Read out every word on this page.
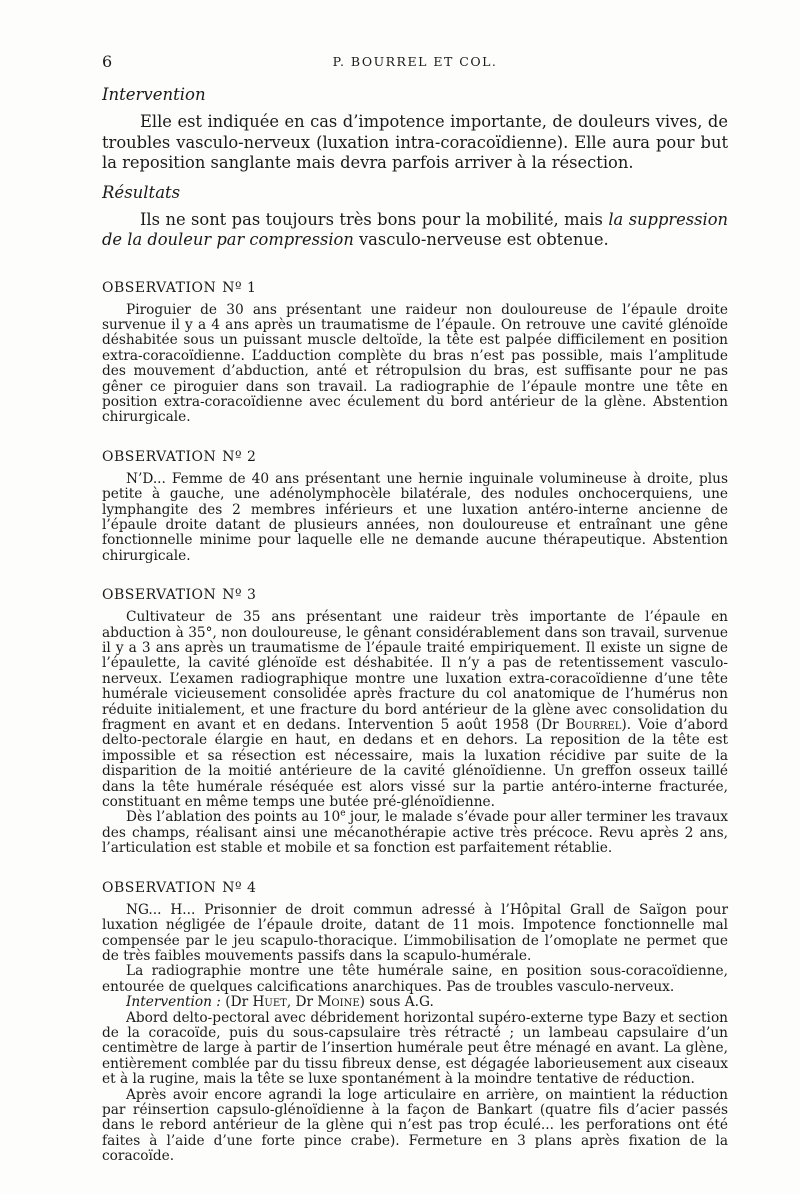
6	P. BOURREL ET COL.
Intervention

Elle est indiquée en cas d’impotence importante, de douleurs vives, de troubles vasculo-nerveux (luxation intra-coracoïdienne). Elle aura pour but la reposition sanglante mais devra parfois arriver à la résection.

Résultats

Ils ne sont pas toujours très bons pour la mobilité, mais la suppression de la douleur par compression vasculo-nerveuse est obtenue.

OBSERVATION Nº 1

Piroguier de 30 ans présentant une raideur non douloureuse de l’épaule droite survenue il y a 4 ans après un traumatisme de l’épaule. On retrouve une cavité glénoïde déshabitée sous un puissant muscle deltoïde, la tête est palpée difficilement en position extra-coracoïdienne. L’adduction complète du bras n’est pas possible, mais l’amplitude des mouvement d’abduction, anté et rétropulsion du bras, est suffisante pour ne pas gêner ce piroguier dans son travail. La radiographie de l’épaule montre une tête en position extra-coracoïdienne avec éculement du bord antérieur de la glène. Abstention chirurgicale.

OBSERVATION Nº 2

N’D... Femme de 40 ans présentant une hernie inguinale volumineuse à droite, plus petite à gauche, une adénolymphocèle bilatérale, des nodules onchocerquiens, une lymphangite des 2 membres inférieurs et une luxation antéro-interne ancienne de l’épaule droite datant de plusieurs années, non douloureuse et entraînant une gêne fonctionnelle minime pour laquelle elle ne demande aucune thérapeutique. Abstention chirurgicale.

OBSERVATION Nº 3

Cultivateur de 35 ans présentant une raideur très importante de l’épaule en abduction à 35°, non douloureuse, le gênant considérablement dans son travail, survenue il y a 3 ans après un traumatisme de l’épaule traité empiriquement. Il existe un signe de l’épaulette, la cavité glénoïde est déshabitée. Il n’y a pas de retentissement vasculo-nerveux. L’examen radiographique montre une luxation extra-coracoïdienne d’une tête humérale vicieusement consolidée après fracture du col anatomique de l’humérus non réduite initialement, et une fracture du bord antérieur de la glène avec consolidation du fragment en avant et en dedans. Intervention 5 août 1958 (Dr Bourrel). Voie d’abord delto-pectorale élargie en haut, en dedans et en dehors. La reposition de la tête est impossible et sa résection est nécessaire, mais la luxation récidive par suite de la disparition de la moitié antérieure de la cavité glénoïdienne. Un greffon osseux taillé dans la tête humérale réséquée est alors vissé sur la partie antéro-interne fracturée, constituant en même temps une butée pré-glénoïdienne.

Dès l’ablation des points au 10e jour, le malade s’évade pour aller terminer les travaux des champs, réalisant ainsi une mécanothérapie active très précoce. Revu après 2 ans, l’articulation est stable et mobile et sa fonction est parfaitement rétablie.

OBSERVATION Nº 4

NG... H... Prisonnier de droit commun adressé à l’Hôpital Grall de Saïgon pour luxation négligée de l’épaule droite, datant de 11 mois. Impotence fonctionnelle mal compensée par le jeu scapulo-thoracique. L’immobilisation de l’omoplate ne permet que de très faibles mouvements passifs dans la scapulo-humérale.

La radiographie montre une tête humérale saine, en position sous-coracoïdienne, entourée de quelques calcifications anarchiques. Pas de troubles vasculo-nerveux.

Intervention : (Dr Huet, Dr Moine) sous A.G.

Abord delto-pectoral avec débridement horizontal supéro-externe type Bazy et section de la coracoïde, puis du sous-capsulaire très rétracté ; un lambeau capsulaire d’un centimètre de large à partir de l’insertion humérale peut être ménagé en avant. La glène, entièrement comblée par du tissu fibreux dense, est dégagée laborieusement aux ciseaux et à la rugine, mais la tête se luxe spontanément à la moindre tentative de réduction.

Après avoir encore agrandi la loge articulaire en arrière, on maintient la réduction par réinsertion capsulo-glénoïdienne à la façon de Bankart (quatre fils d’acier passés dans le rebord antérieur de la glène qui n’est pas trop éculé... les perforations ont été faites à l’aide d’une forte pince crabe). Fermeture en 3 plans après fixation de la coracoïde.
